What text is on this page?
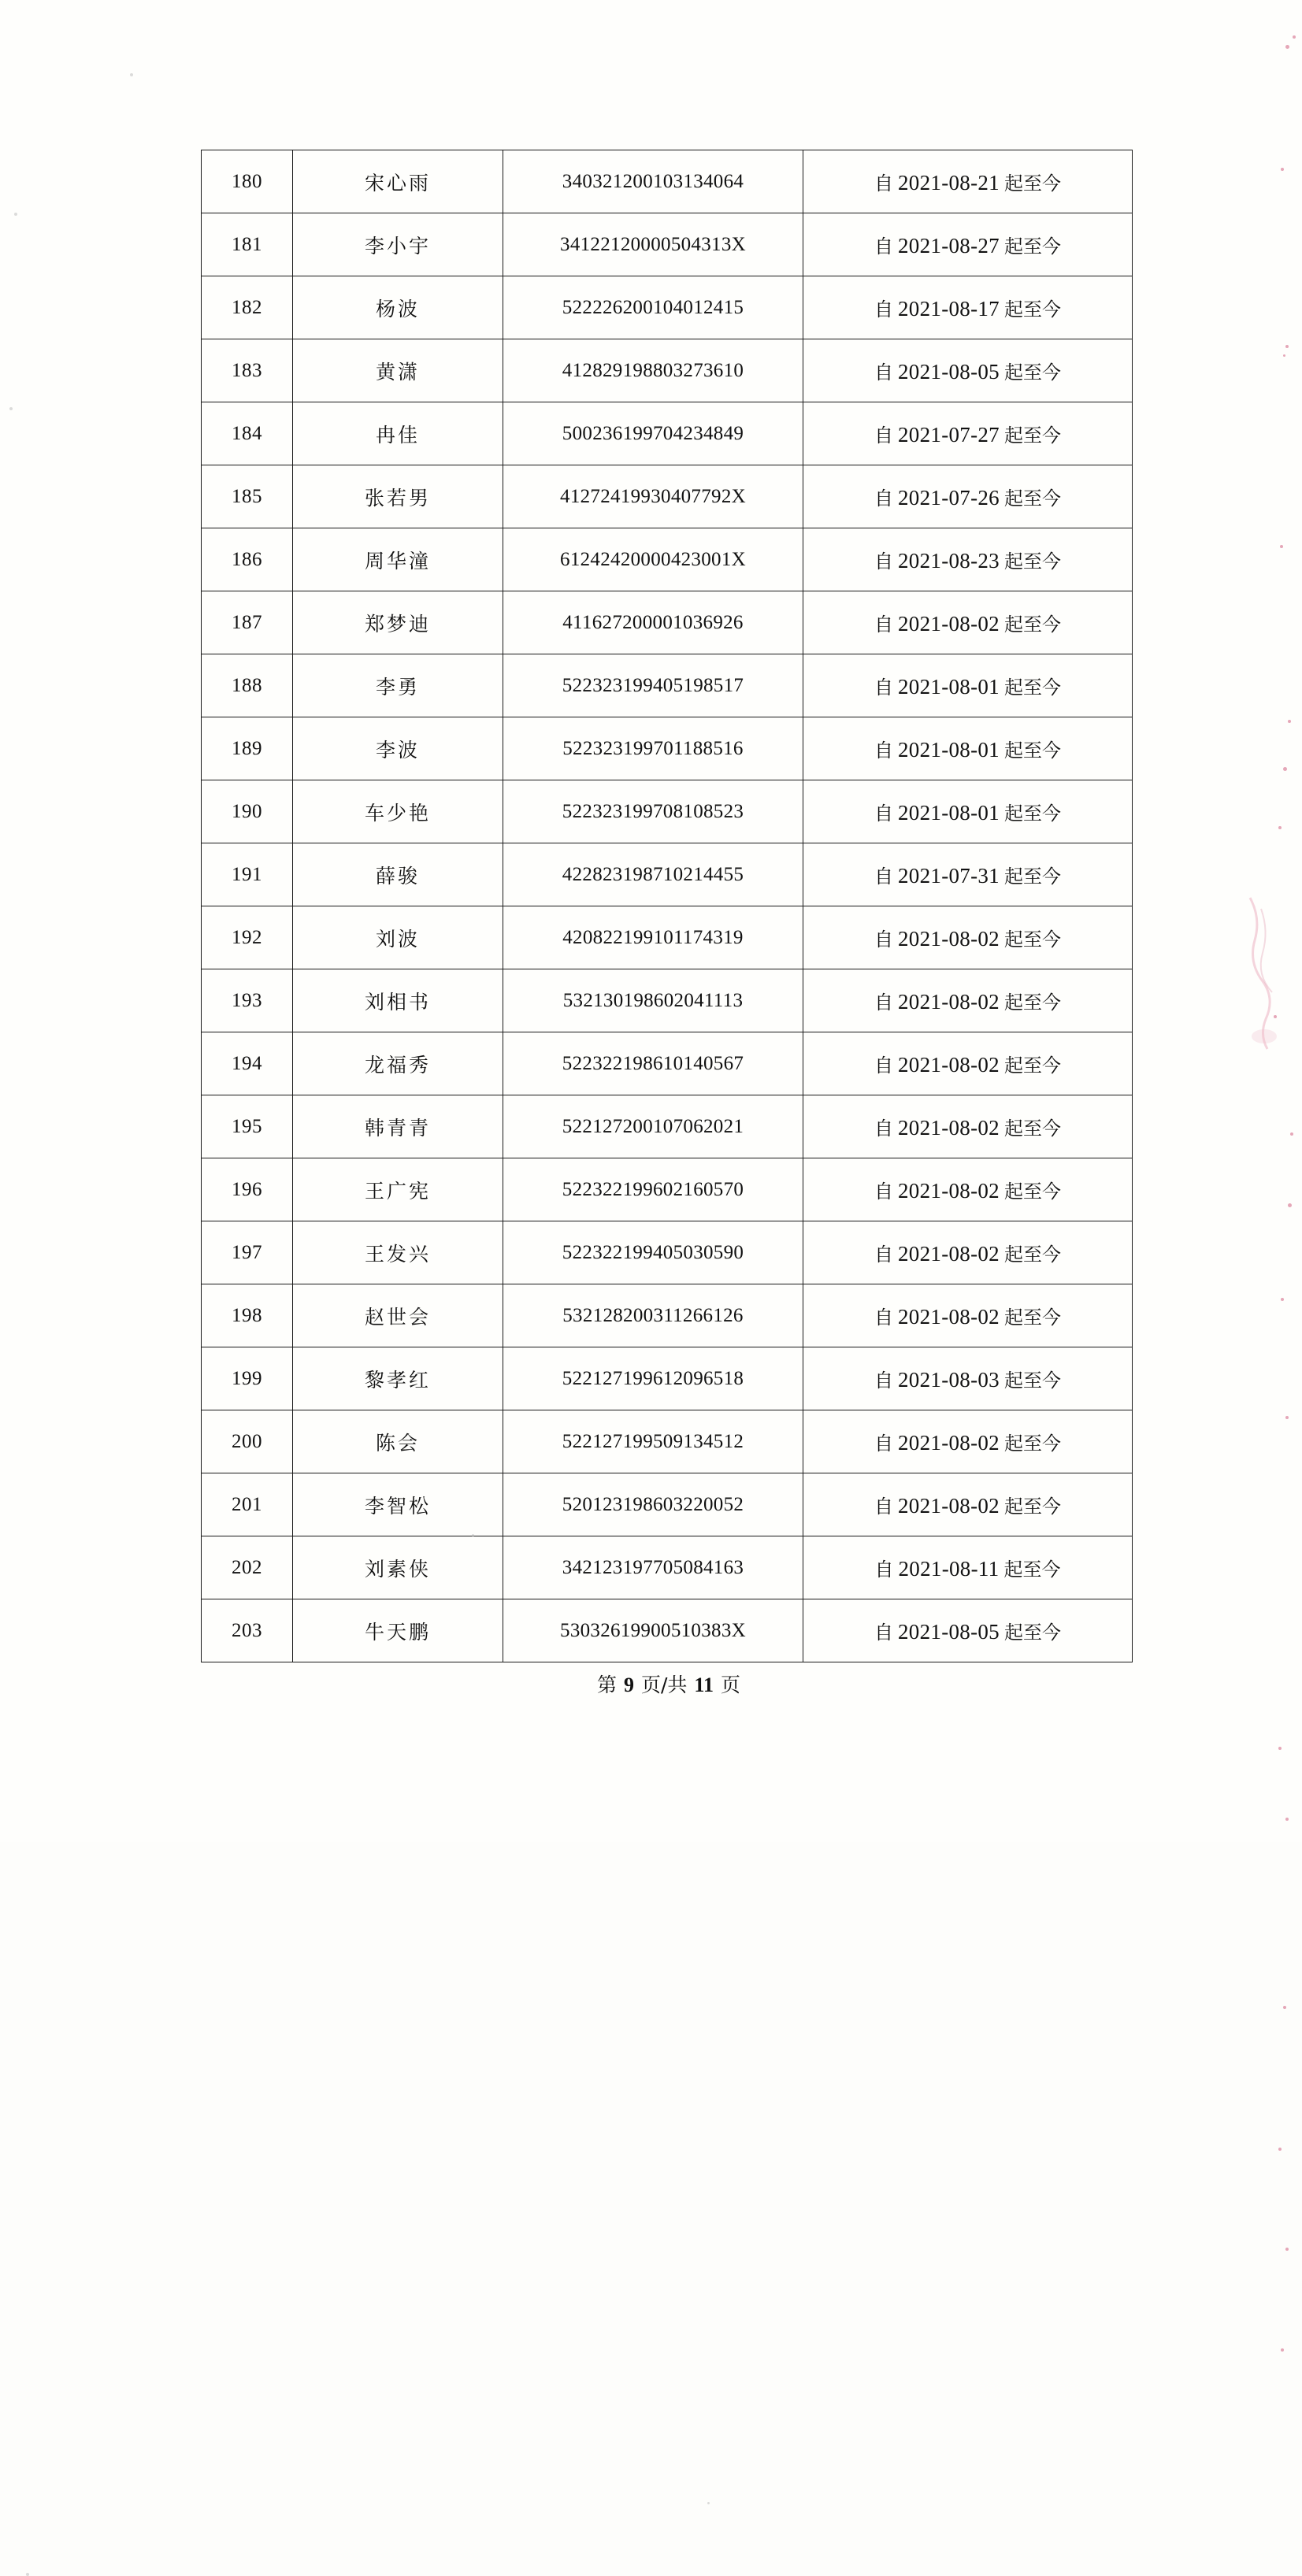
180	宋心雨	340321200103134064	自 2021-08-21 起至今
181	李小宇	34122120000504313X	自 2021-08-27 起至今
182	杨波	522226200104012415	自 2021-08-17 起至今
183	黄潇	412829198803273610	自 2021-08-05 起至今
184	冉佳	500236199704234849	自 2021-07-27 起至今
185	张若男	41272419930407792X	自 2021-07-26 起至今
186	周华潼	61242420000423001X	自 2021-08-23 起至今
187	郑梦迪	411627200001036926	自 2021-08-02 起至今
188	李勇	522323199405198517	自 2021-08-01 起至今
189	李波	522323199701188516	自 2021-08-01 起至今
190	车少艳	522323199708108523	自 2021-08-01 起至今
191	薛骏	422823198710214455	自 2021-07-31 起至今
192	刘波	420822199101174319	自 2021-08-02 起至今
193	刘相书	532130198602041113	自 2021-08-02 起至今
194	龙福秀	522322198610140567	自 2021-08-02 起至今
195	韩青青	522127200107062021	自 2021-08-02 起至今
196	王广宪	522322199602160570	自 2021-08-02 起至今
197	王发兴	522322199405030590	自 2021-08-02 起至今
198	赵世会	532128200311266126	自 2021-08-02 起至今
199	黎孝红	522127199612096518	自 2021-08-03 起至今
200	陈会	522127199509134512	自 2021-08-02 起至今
201	李智松	520123198603220052	自 2021-08-02 起至今
202	刘素侠	342123197705084163	自 2021-08-11 起至今
203	牛天鹏	53032619900510383X	自 2021-08-05 起至今
第 9 页/共 11 页
